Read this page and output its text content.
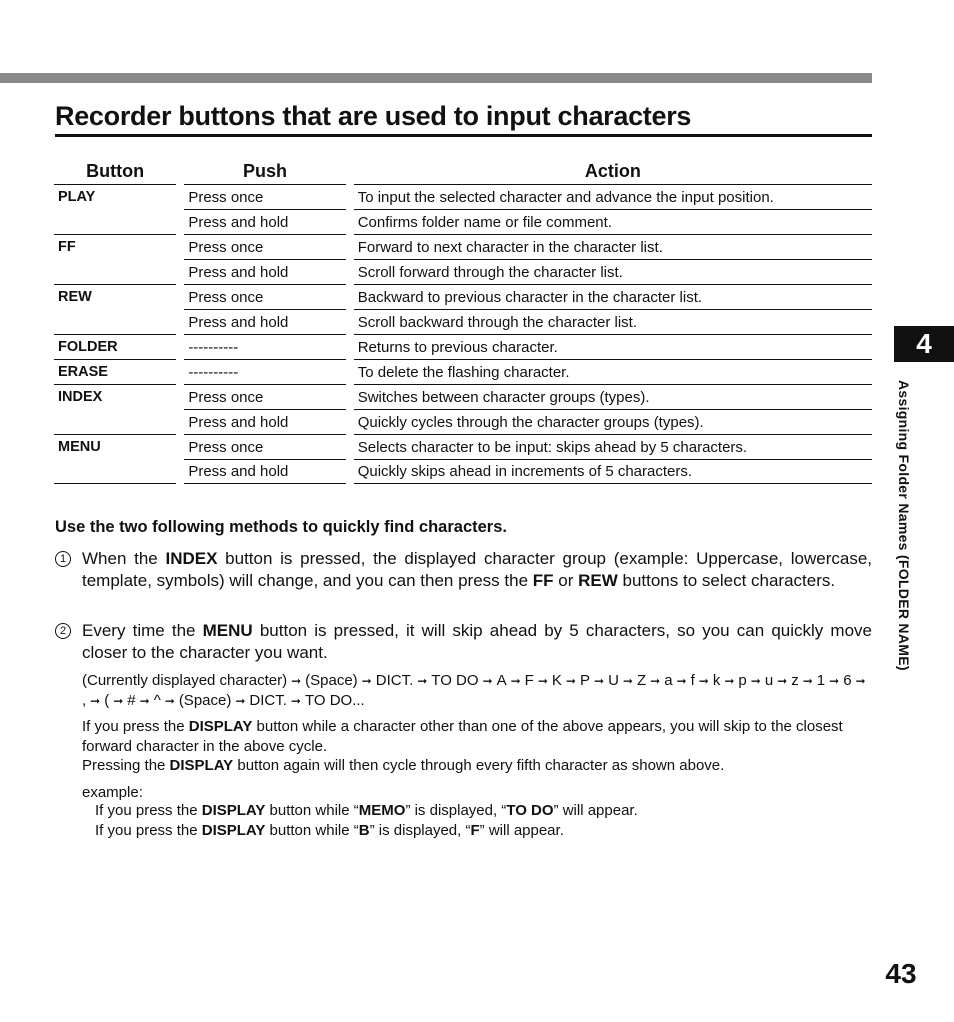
Recorder buttons that are used to input characters
Button		Push		Action
PLAY		Press once		To input the selected character and advance the input position.
		Press and hold		Confirms folder name or file comment.
FF		Press once		Forward to next character in the character list.
		Press and hold		Scroll forward through the character list.
REW		Press once		Backward to previous character in the character list.
		Press and hold		Scroll backward through the character list.
FOLDER		----------		Returns to previous character.
ERASE		----------		To delete the flashing character.
INDEX		Press once		Switches between character groups (types).
		Press and hold		Quickly cycles through the character groups (types).
MENU		Press once		Selects character to be input: skips ahead by 5 characters.
		Press and hold		Quickly skips ahead in increments of 5 characters.

Use the two following methods to quickly find characters.

1 When the INDEX button is pressed, the displayed character group (example: Uppercase, lowercase, template, symbols) will change, and you can then press the FF or REW buttons to select characters.
2 Every time the MENU button is pressed, it will skip ahead by 5 characters, so you can quickly move closer to the character you want.
(Currently displayed character) ➞ (Space) ➞ DICT. ➞ TO DO ➞ A ➞ F ➞ K ➞ P ➞ U ➞ Z ➞ a ➞ f ➞ k ➞ p ➞ u ➞ z ➞ 1 ➞ 6 ➞, ➞ ( ➞ # ➞ ^ ➞ (Space) ➞ DICT. ➞ TO DO...
If you press the DISPLAY button while a character other than one of the above appears, you will skip to the closest forward character in the above cycle.
Pressing the DISPLAY button again will then cycle through every fifth character as shown above.
example:
If you press the DISPLAY button while “MEMO” is displayed, “TO DO” will appear.
If you press the DISPLAY button while “B” is displayed, “F” will appear.
4
Assigning Folder Names (FOLDER NAME)
43
